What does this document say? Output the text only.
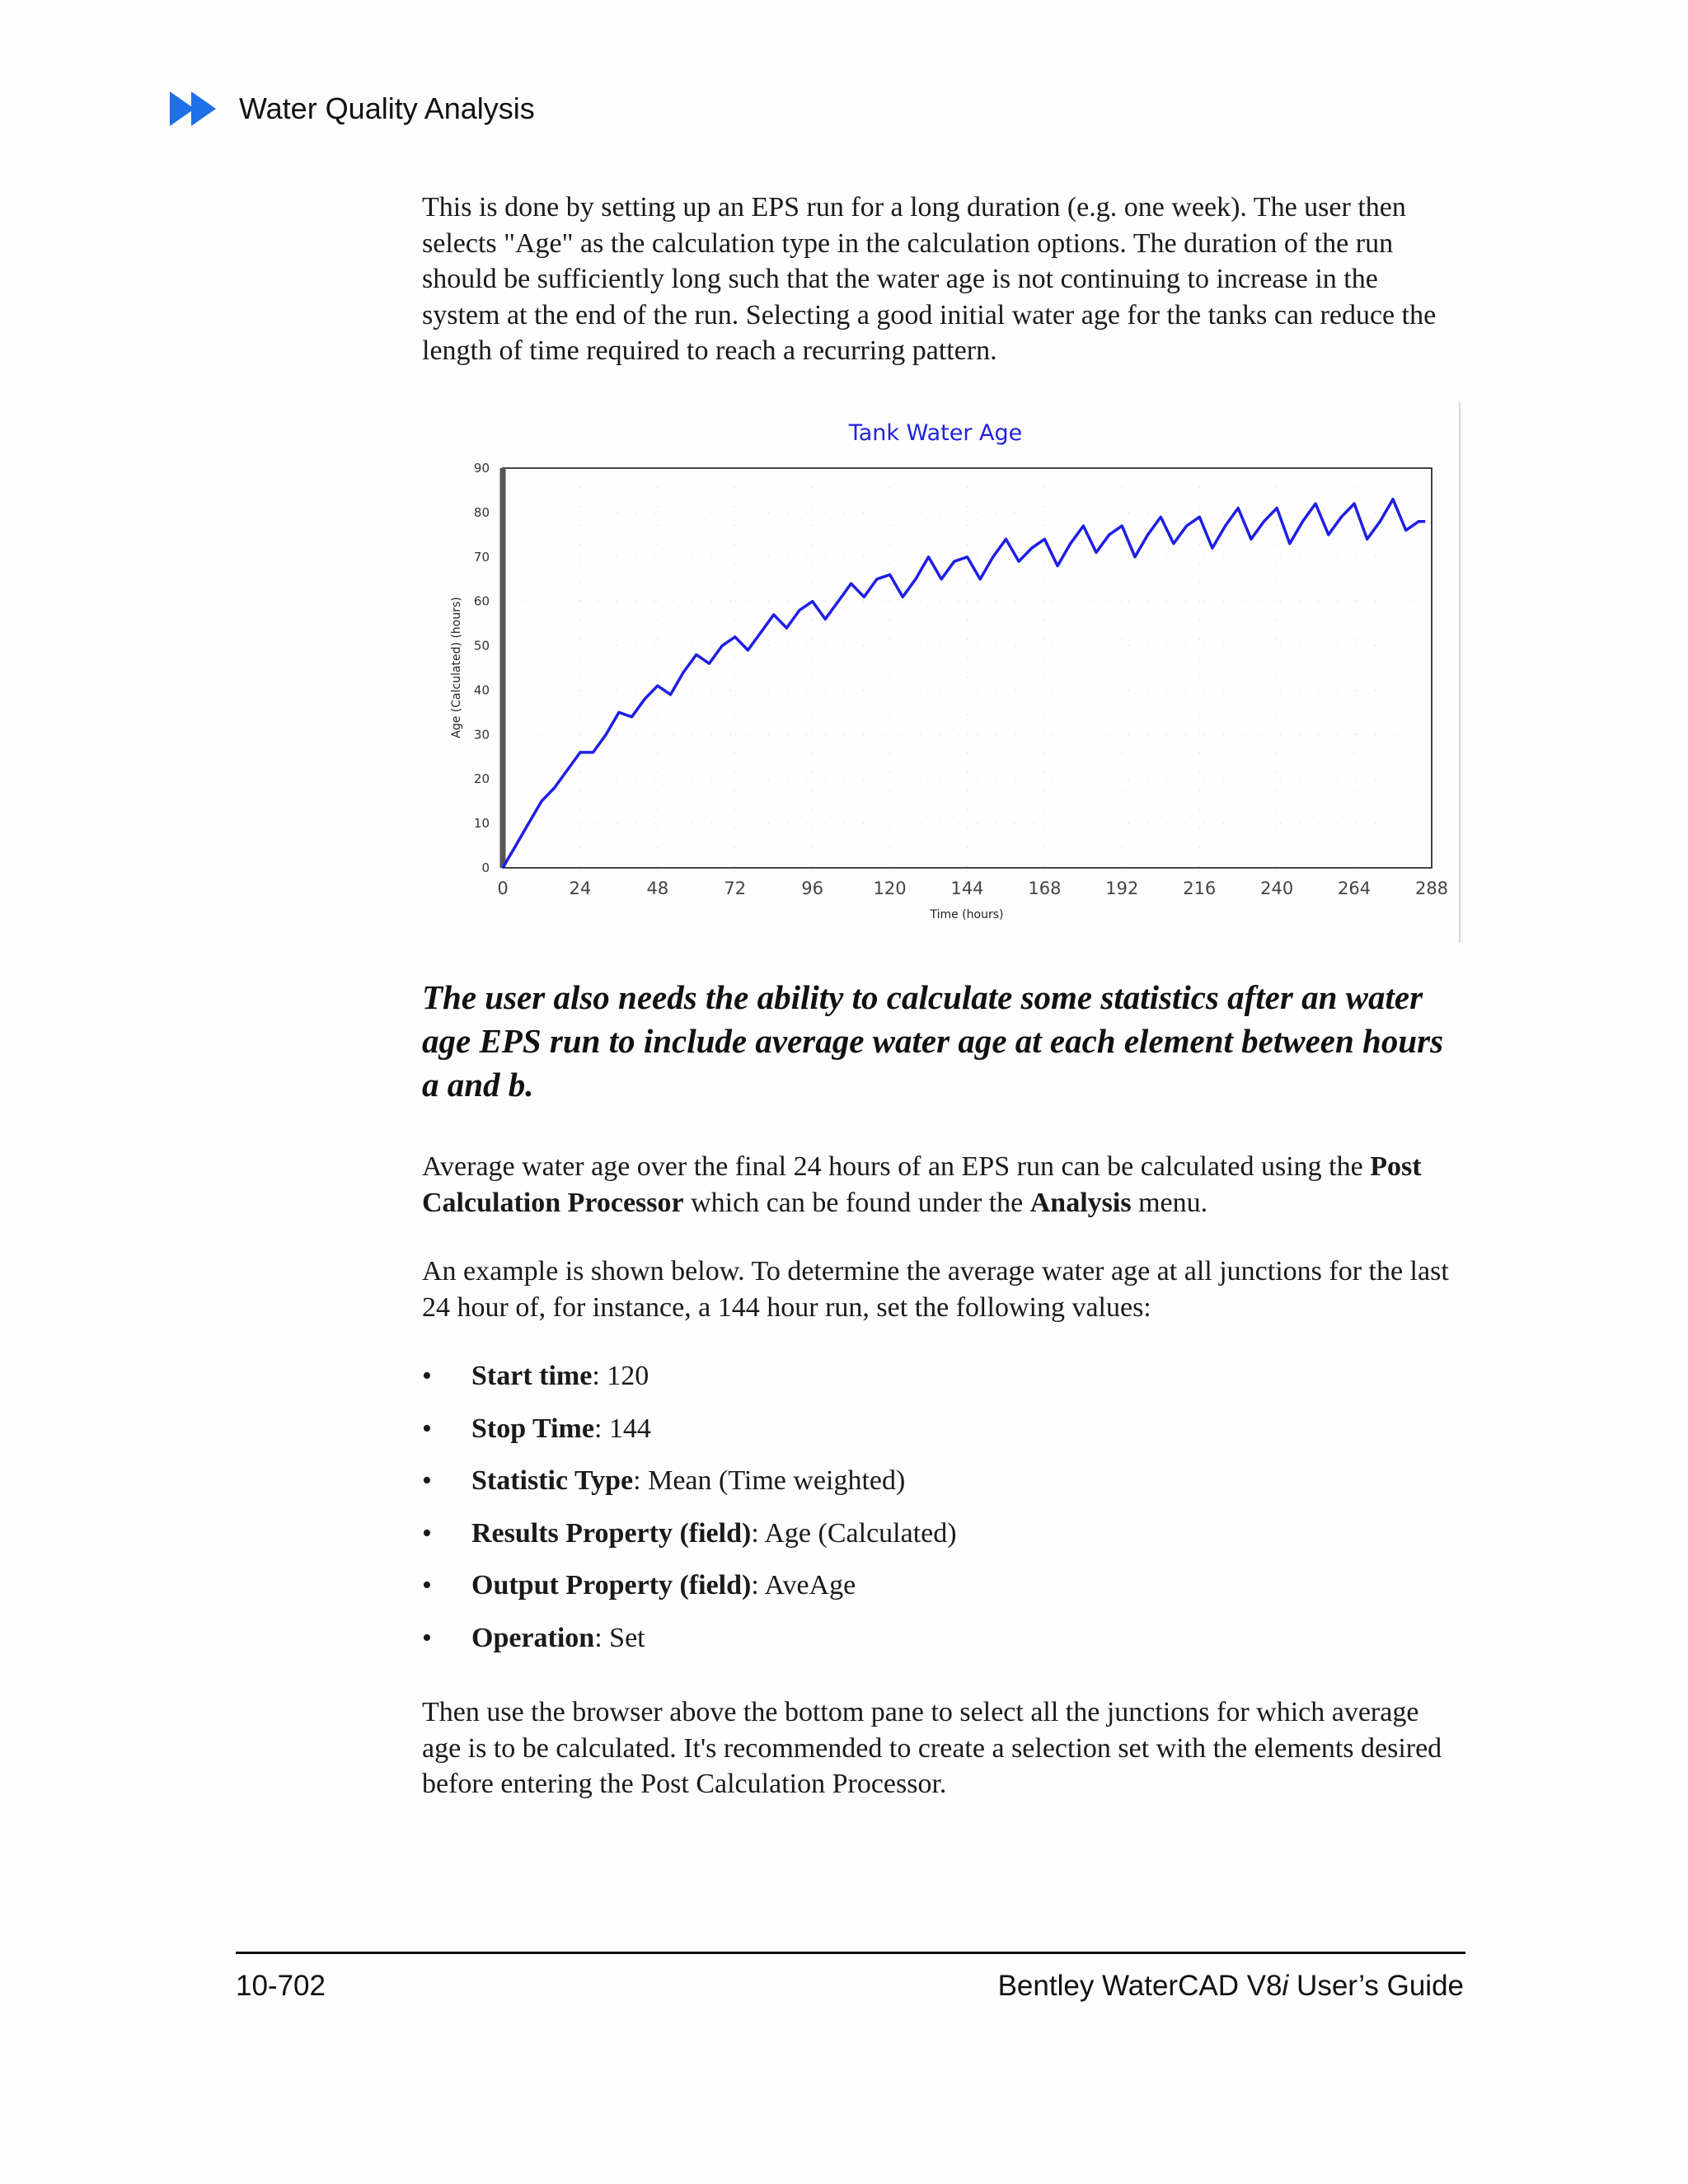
Water Quality Analysis

This is done by setting up an EPS run for a long duration (e.g. one week). The user then selects "Age" as the calculation type in the calculation options. The duration of the run should be sufficiently long such that the water age is not continuing to increase in the system at the end of the run. Selecting a good initial water age for the tanks can reduce the length of time required to reach a recurring pattern.

Tank Water Age
0
10
20
30
40
50
60
70
80
90
0	24	48	72	96	120	144	168	192	216	240	264	288
Time (hours)
Age (Calculated) (hours)
The user also needs the ability to calculate some statistics after an water age EPS run to include average water age at each element between hours a and b.

Average water age over the final 24 hours of an EPS run can be calculated using the Post Calculation Processor which can be found under the Analysis menu.

An example is shown below. To determine the average water age at all junctions for the last 24 hour of, for instance, a 144 hour run, set the following values:

•	Start time: 120
•	Stop Time: 144
•	Statistic Type: Mean (Time weighted)
•	Results Property (field): Age (Calculated)
•	Output Property (field): AveAge
•	Operation: Set

Then use the browser above the bottom pane to select all the junctions for which average age is to be calculated. It's recommended to create a selection set with the elements desired before entering the Post Calculation Processor.

10-702	Bentley WaterCAD V8i User’s Guide
